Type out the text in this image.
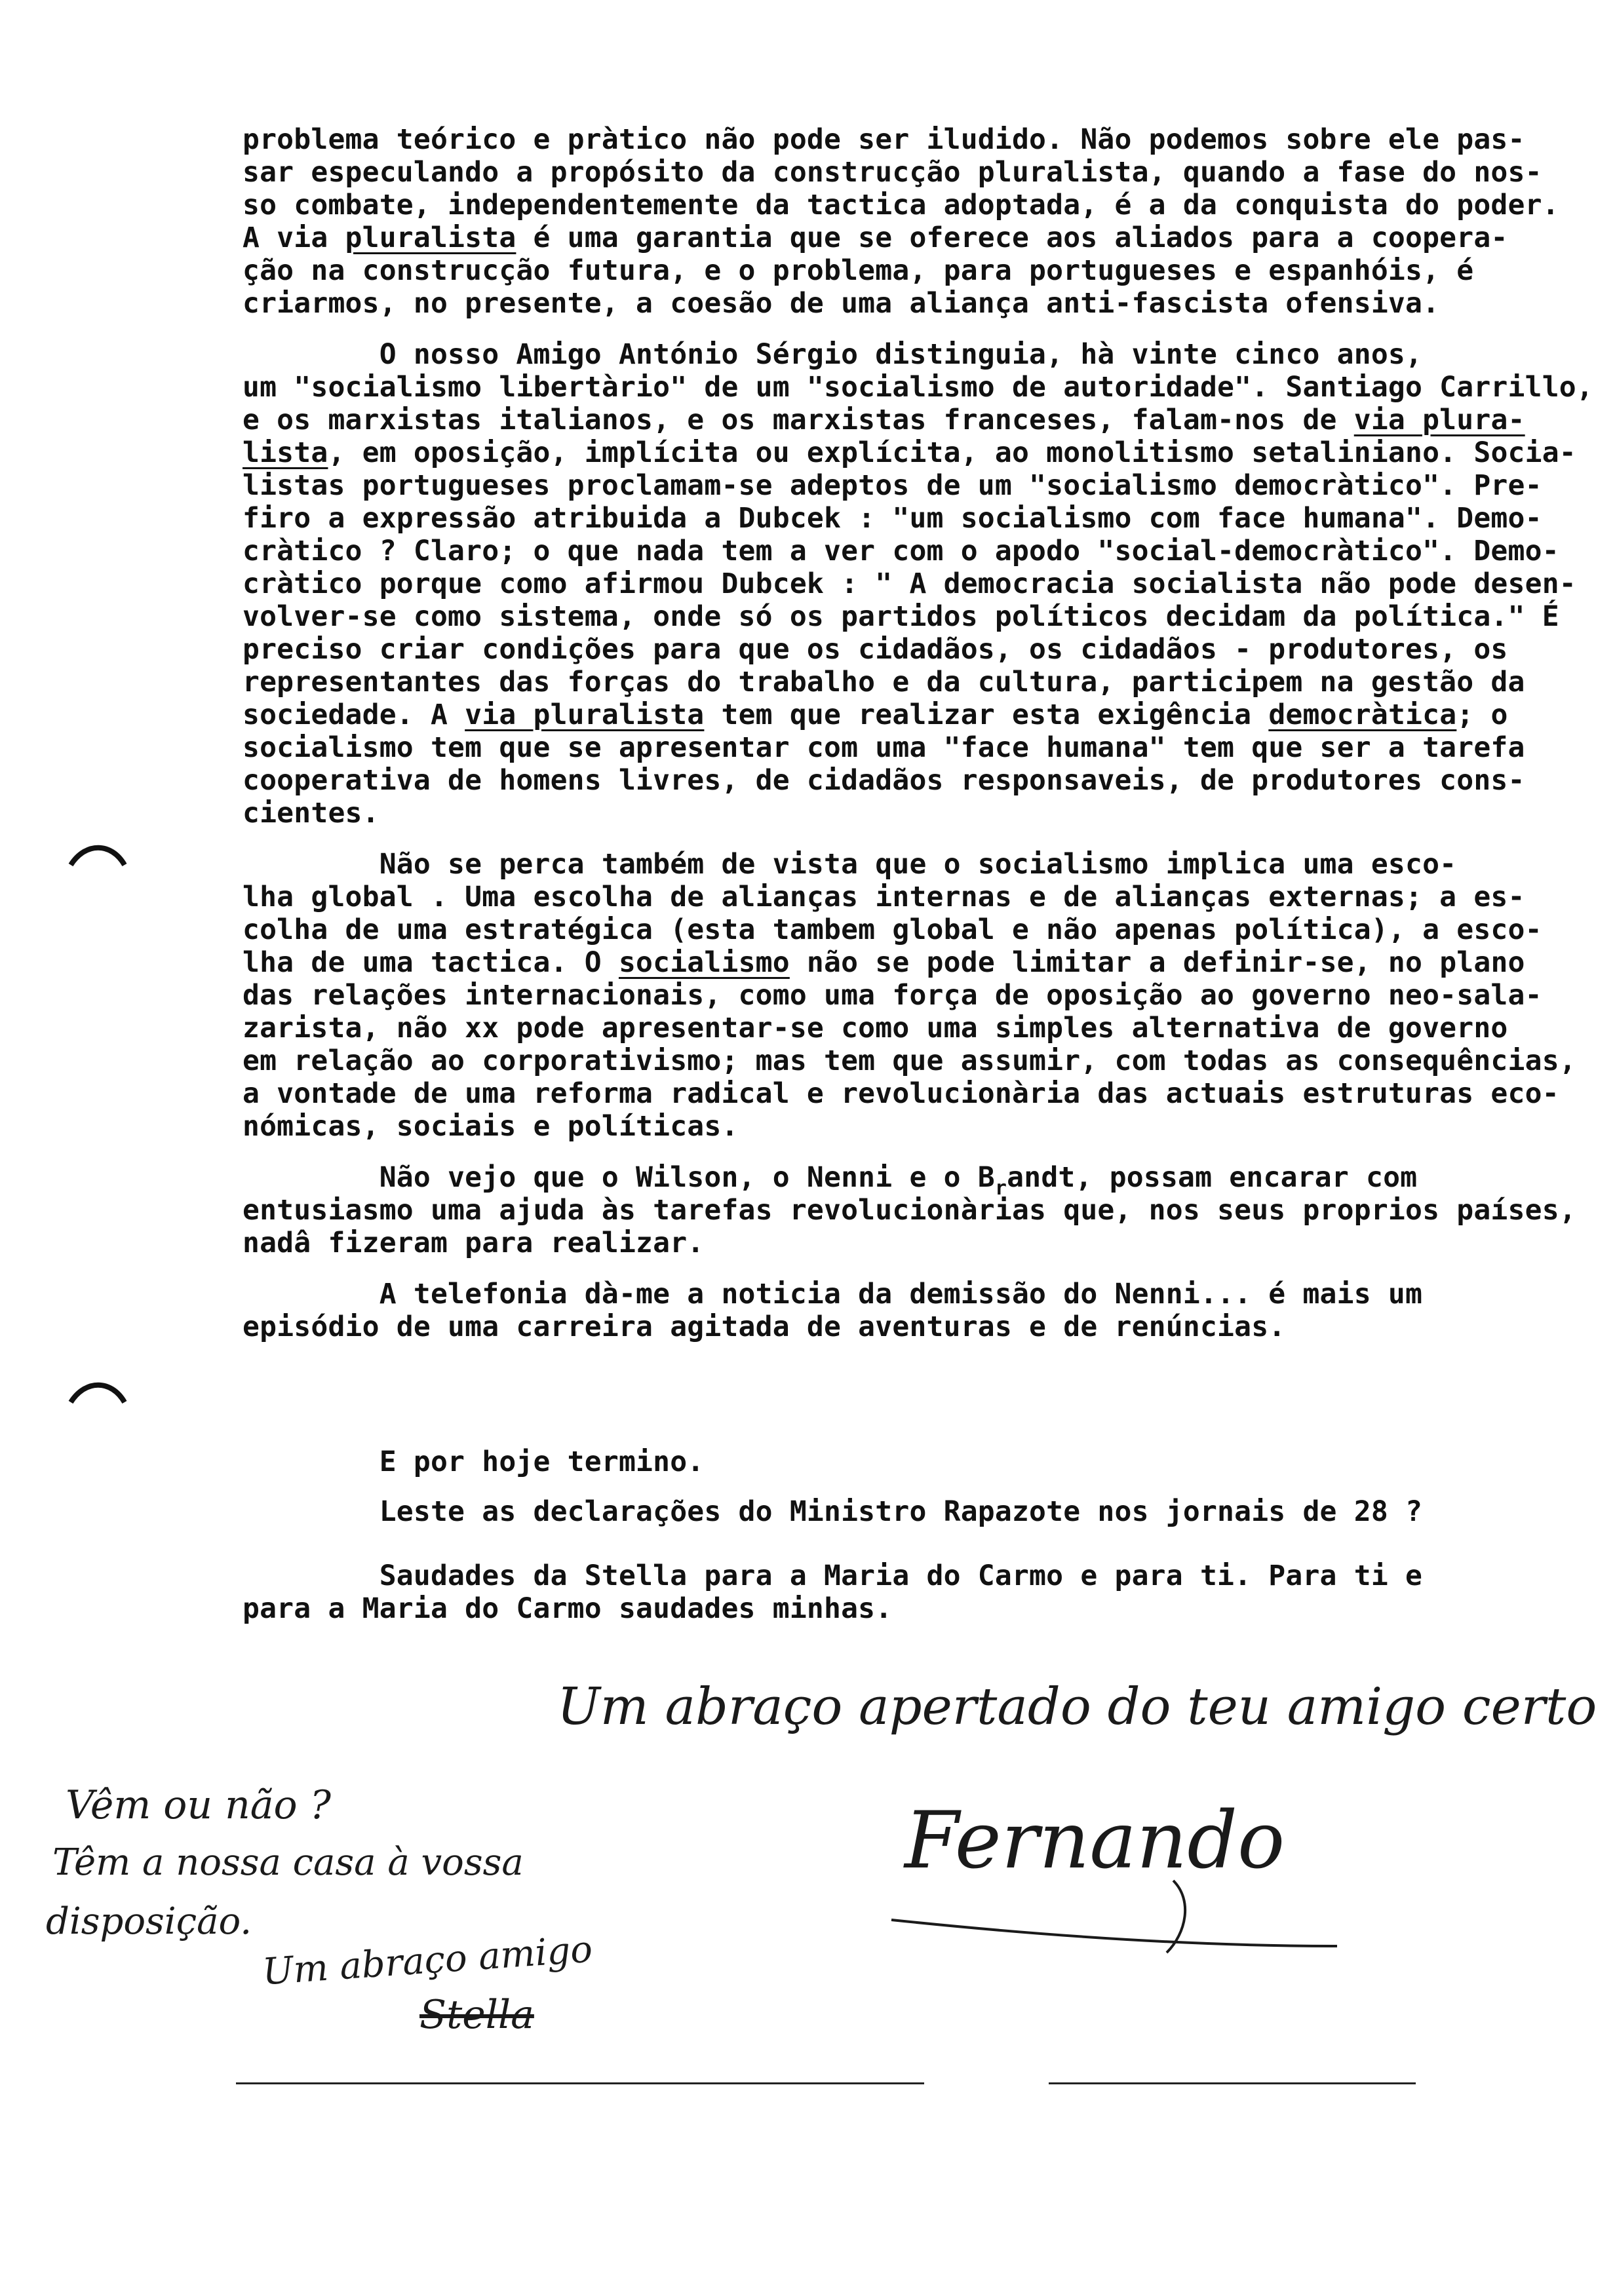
problema teórico e pràtico não pode ser iludido. Não podemos sobre ele pas-
sar especulando a propósito da construcção pluralista, quando a fase do nos-
so combate, independentemente da tactica adoptada, é a da conquista do poder.
A via pluralista é uma garantia que se oferece aos aliados para a coopera-
ção na construcção futura, e o problema, para portugueses e espanhóis, é
criarmos, no presente, a coesão de uma aliança anti-fascista ofensiva.
O nosso Amigo António Sérgio distinguia, hà vinte cinco anos,
um "socialismo libertàrio" de um "socialismo de autoridade". Santiago Carrillo,
e os marxistas italianos, e os marxistas franceses, falam-nos de via plura-
lista, em oposição, implícita ou explícita, ao monolitismo setaliniano. Socia-
listas portugueses proclamam-se adeptos de um "socialismo democràtico". Pre-
firo a expressão atribuida a Dubcek : "um socialismo com face humana". Demo-
cràtico ? Claro; o que nada tem a ver com o apodo "social-democràtico". Demo-
cràtico porque como afirmou Dubcek : " A democracia socialista não pode desen-
volver-se como sistema, onde só os partidos políticos decidam da política." É
preciso criar condições para que os cidadãos, os cidadãos - produtores, os
representantes das forças do trabalho e da cultura, participem na gestão da
sociedade. A via pluralista tem que realizar esta exigência democràtica; o
socialismo tem que se apresentar com uma "face humana" tem que ser a tarefa
cooperativa de homens livres, de cidadãos responsaveis, de produtores cons-
cientes.
Não se perca também de vista que o socialismo implica uma esco-
lha global . Uma escolha de alianças internas e de alianças externas; a es-
colha de uma estratégica (esta tambem global e não apenas política), a esco-
lha de uma tactica. O socialismo não se pode limitar a definir-se, no plano
das relações internacionais, como uma força de oposição ao governo neo-sala-
zarista, não xx pode apresentar-se como uma simples alternativa de governo
em relação ao corporativismo; mas tem que assumir, com todas as consequências,
a vontade de uma reforma radical e revolucionària das actuais estruturas eco-
nómicas, sociais e políticas.
Não vejo que o Wilson, o Nenni e o $B_randt$, possam encarar com
entusiasmo uma ajuda às tarefas revolucionàrias que, nos seus proprios países,
nadâ fizeram para realizar.
A telefonia dà-me a noticia da demissão do Nenni... é mais um
episódio de uma carreira agitada de aventuras e de renúncias.
E por hoje termino.
Leste as declarações do Ministro Rapazote nos jornais de 28 ?
Saudades da Stella para a Maria do Carmo e para ti. Para ti e
para a Maria do Carmo saudades minhas.
Um abraço apertado do teu amigo certo
Fernando
Vêm ou não ?
Têm a nossa casa à vossa
disposição.
Um abraço amigo
Stella
